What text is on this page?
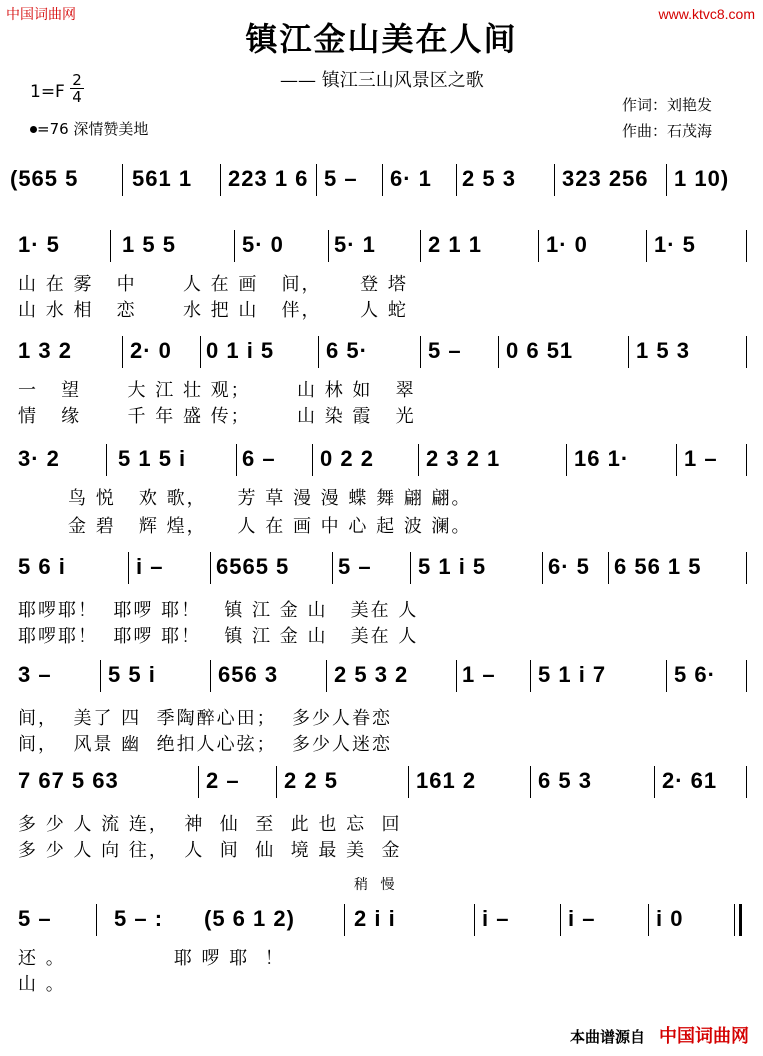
中国词曲网	www.ktvc8.com
镇江金山美在人间
—— 镇江三山风景区之歌
1=F
2
4
=76 深情赞美地
作词：刘艳发
作曲：石茂海
(565 5 561 1 223 1 6 5 – 6· 1 2 5 3 323 256 1 10)
1· 5	1 5 5	5· 0 5· 1 2 1 1	1· 0	1· 5
山 在 雾   中      人 在 画   间，     登 塔
山 水 相   恋      水 把 山   伴，     人 蛇
1 3 2	2· 0 0 1 i 5 6 5·	5 – 0 6 51	1 5 3
一   望      大 江 壮 观；      山 林 如   翠
情   缘      千 年 盛 传；      山 染 霞   光
3· 2	5 1 5 i	6 – 0 2 2 2 3 2 1	16 1· 1 –
鸟 悦   欢 歌，    芳 草 漫 漫 蝶 舞 翩 翩。
金 碧   辉 煌，    人 在 画 中 心 起 波 澜。
5 6 i	i – 6565 5 5 – 5 1 i 5	6· 5 6 56 1 5
耶啰耶！  耶啰 耶！   镇 江 金 山   美在 人
耶啰耶！  耶啰 耶！   镇 江 金 山   美在 人
3 –	5 5 i	656 3	2 5 3 2 1 – 5 1 i 7	5 6·
间，  美了 四  季陶醉心田；  多少人眷恋
间，  风景 幽  绝扣人心弦；  多少人迷恋
7 67 5 63	2 – 2 2 5	161 2	6 5 3	2· 61
多 少 人 流 连，  神  仙  至  此 也 忘  回
多 少 人 向 往，  人  间  仙  境 最 美  金
稍 慢
5 –	5 – : (5 6 1 2)	2 i i	i –	i –	i 0
还 。              耶 啰 耶  ！
山 。
本曲谱源自 中国词曲网
